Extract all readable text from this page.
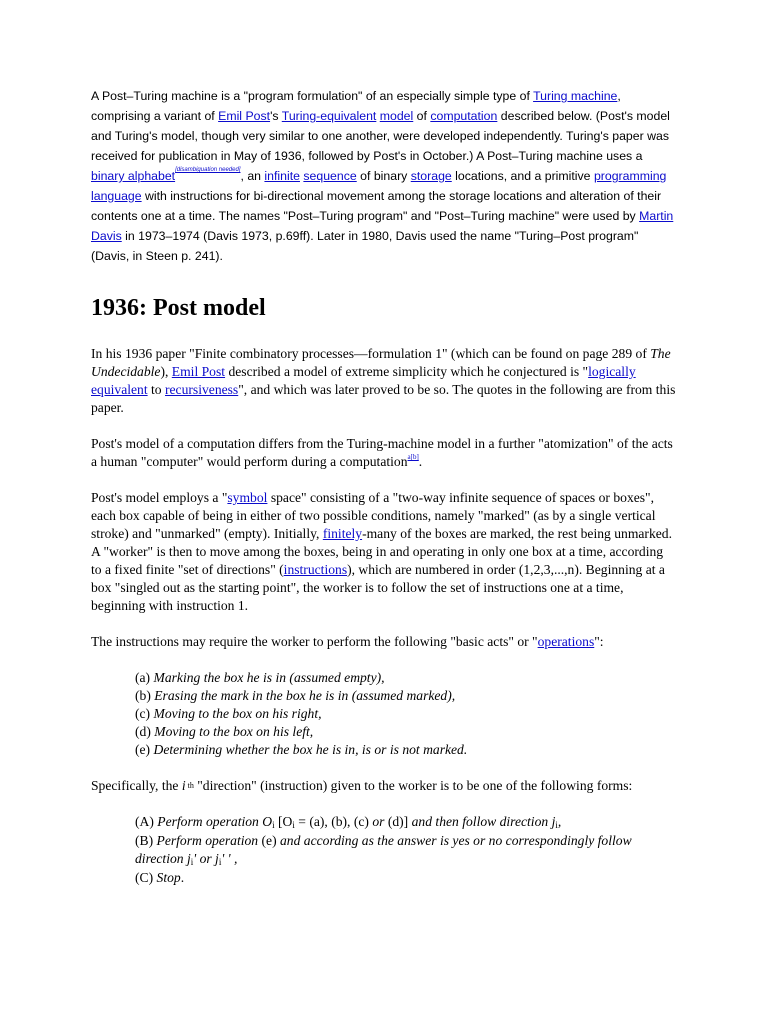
A Post–Turing machine is a "program formulation" of an especially simple type of Turing machine, comprising a variant of Emil Post's Turing-equivalent model of computation described below. (Post's model and Turing's model, though very similar to one another, were developed independently. Turing's paper was received for publication in May of 1936, followed by Post's in October.) A Post–Turing machine uses a binary alphabet[disambiguation needed], an infinite sequence of binary storage locations, and a primitive programming language with instructions for bi-directional movement among the storage locations and alteration of their contents one at a time. The names "Post–Turing program" and "Post–Turing machine" were used by Martin Davis in 1973–1974 (Davis 1973, p.69ff). Later in 1980, Davis used the name "Turing–Post program" (Davis, in Steen p. 241).

1936: Post model

In his 1936 paper "Finite combinatory processes—formulation 1" (which can be found on page 289 of The Undecidable), Emil Post described a model of extreme simplicity which he conjectured is "logically equivalent to recursiveness", and which was later proved to be so. The quotes in the following are from this paper.

Post's model of a computation differs from the Turing-machine model in a further "atomization" of the acts a human "computer" would perform during a computation$^{a[b]}$.

Post's model employs a "symbol space" consisting of a "two-way infinite sequence of spaces or boxes", each box capable of being in either of two possible conditions, namely "marked" (as by a single vertical stroke) and "unmarked" (empty). Initially, finitely-many of the boxes are marked, the rest being unmarked. A "worker" is then to move among the boxes, being in and operating in only one box at a time, according to a fixed finite "set of directions" (instructions), which are numbered in order (1,2,3,...,n). Beginning at a box "singled out as the starting point", the worker is to follow the set of instructions one at a time, beginning with instruction 1.

The instructions may require the worker to perform the following "basic acts" or "operations":

(a) Marking the box he is in (assumed empty),
(b) Erasing the mark in the box he is in (assumed marked),
(c) Moving to the box on his right,
(d) Moving to the box on his left,
(e) Determining whether the box he is in, is or is not marked.

Specifically, the i $^{th}$ "direction" (instruction) given to the worker is to be one of the following forms:

(A) Perform operation Oi [Oi = (a), (b), (c) or (d)] and then follow direction ji,
(B) Perform operation (e) and according as the answer is yes or no correspondingly follow direction ji' or ji' ' ,
(C) Stop.
